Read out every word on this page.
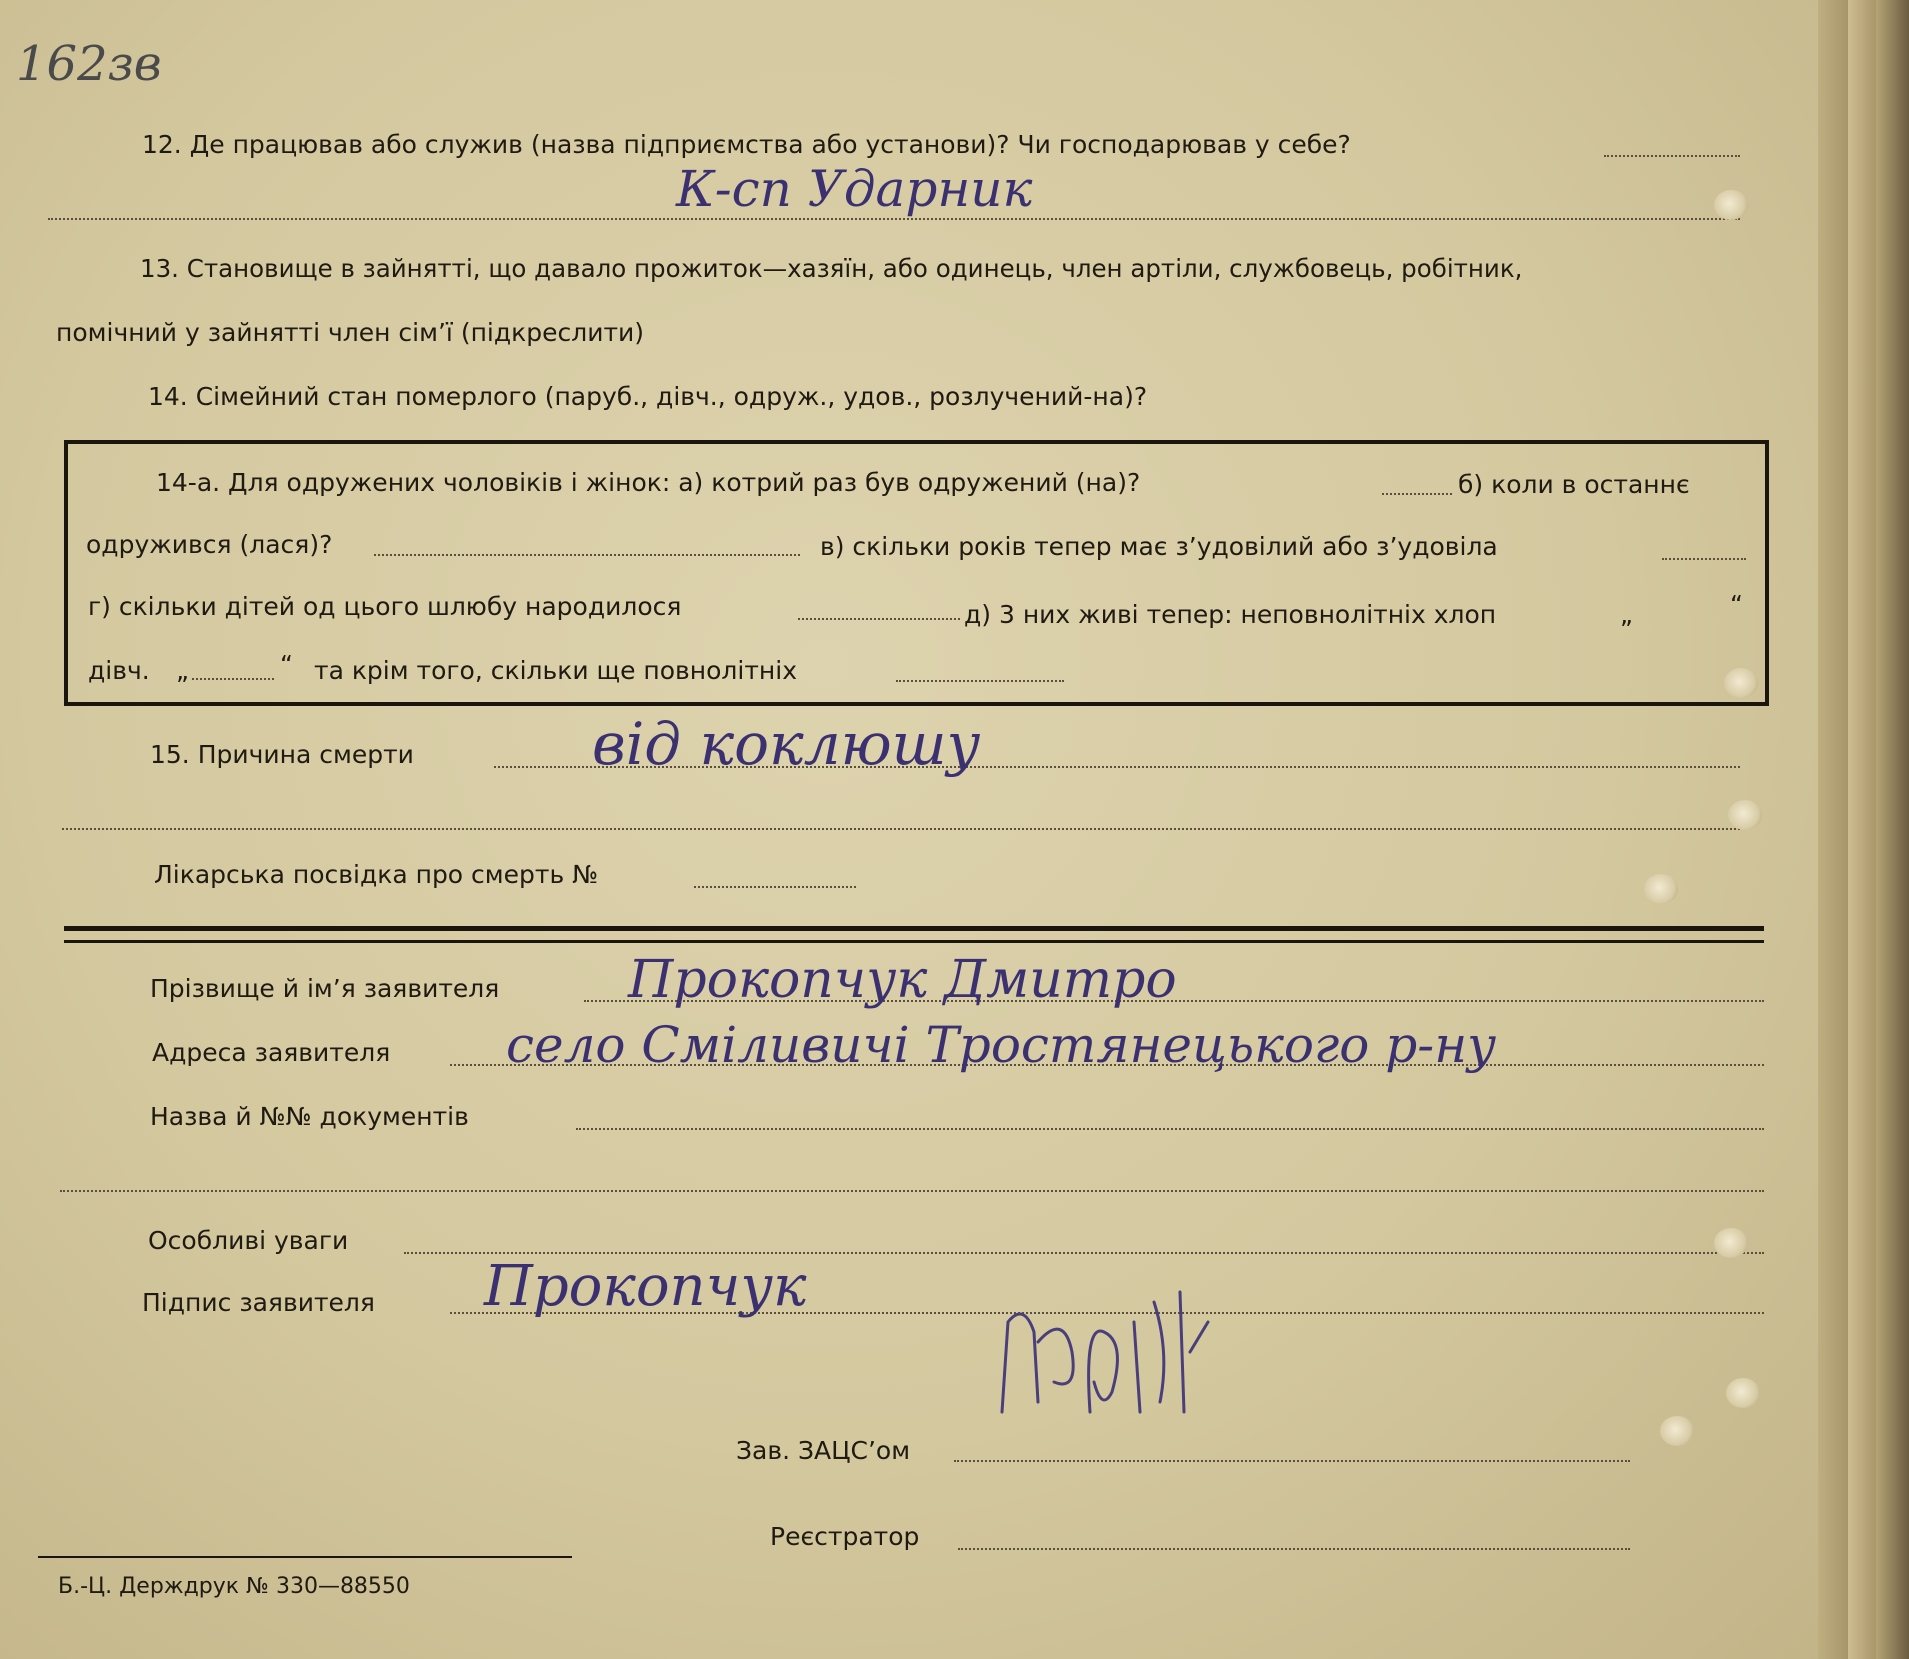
162зв
12. Де працював або служив (назва підприємства або установи)? Чи господарював у себе?
К-сп Ударник
13. Становище в зайнятті, що давало прожиток—хазяїн, або одинець, член артіли, службовець, робітник,
помічний у зайнятті член сім’ї (підкреслити)
14. Сімейний стан померлого (паруб., дівч., одруж., удов., розлучений-на)?
14-а. Для одружених чоловіків і жінок: а) котрий раз був одружений (на)?	б) коли в останнє
одружився (лася)?	в) скільки років тепер має з’удовілий або з’удовіла
г) скільки дітей од цього шлюбу народилося	д) 3 них живі тепер: неповнолітніх хлоп	„	“
дівч. „	“ та крім того, скільки ще повнолітніх
15. Причина смерти	від коклюшу
Лікарська посвідка про смерть №
Прізвище й ім’я заявителя Прокопчук Дмитро
Адреса заявителя село Сміливичі Тростянецького р-ну
Назва й №№ документів
Особливі уваги
Підпис заявителя Прокопчук
Зав. ЗАЦС’ом
Реєстратор
Б.-Ц. Держдрук № 330—88550
